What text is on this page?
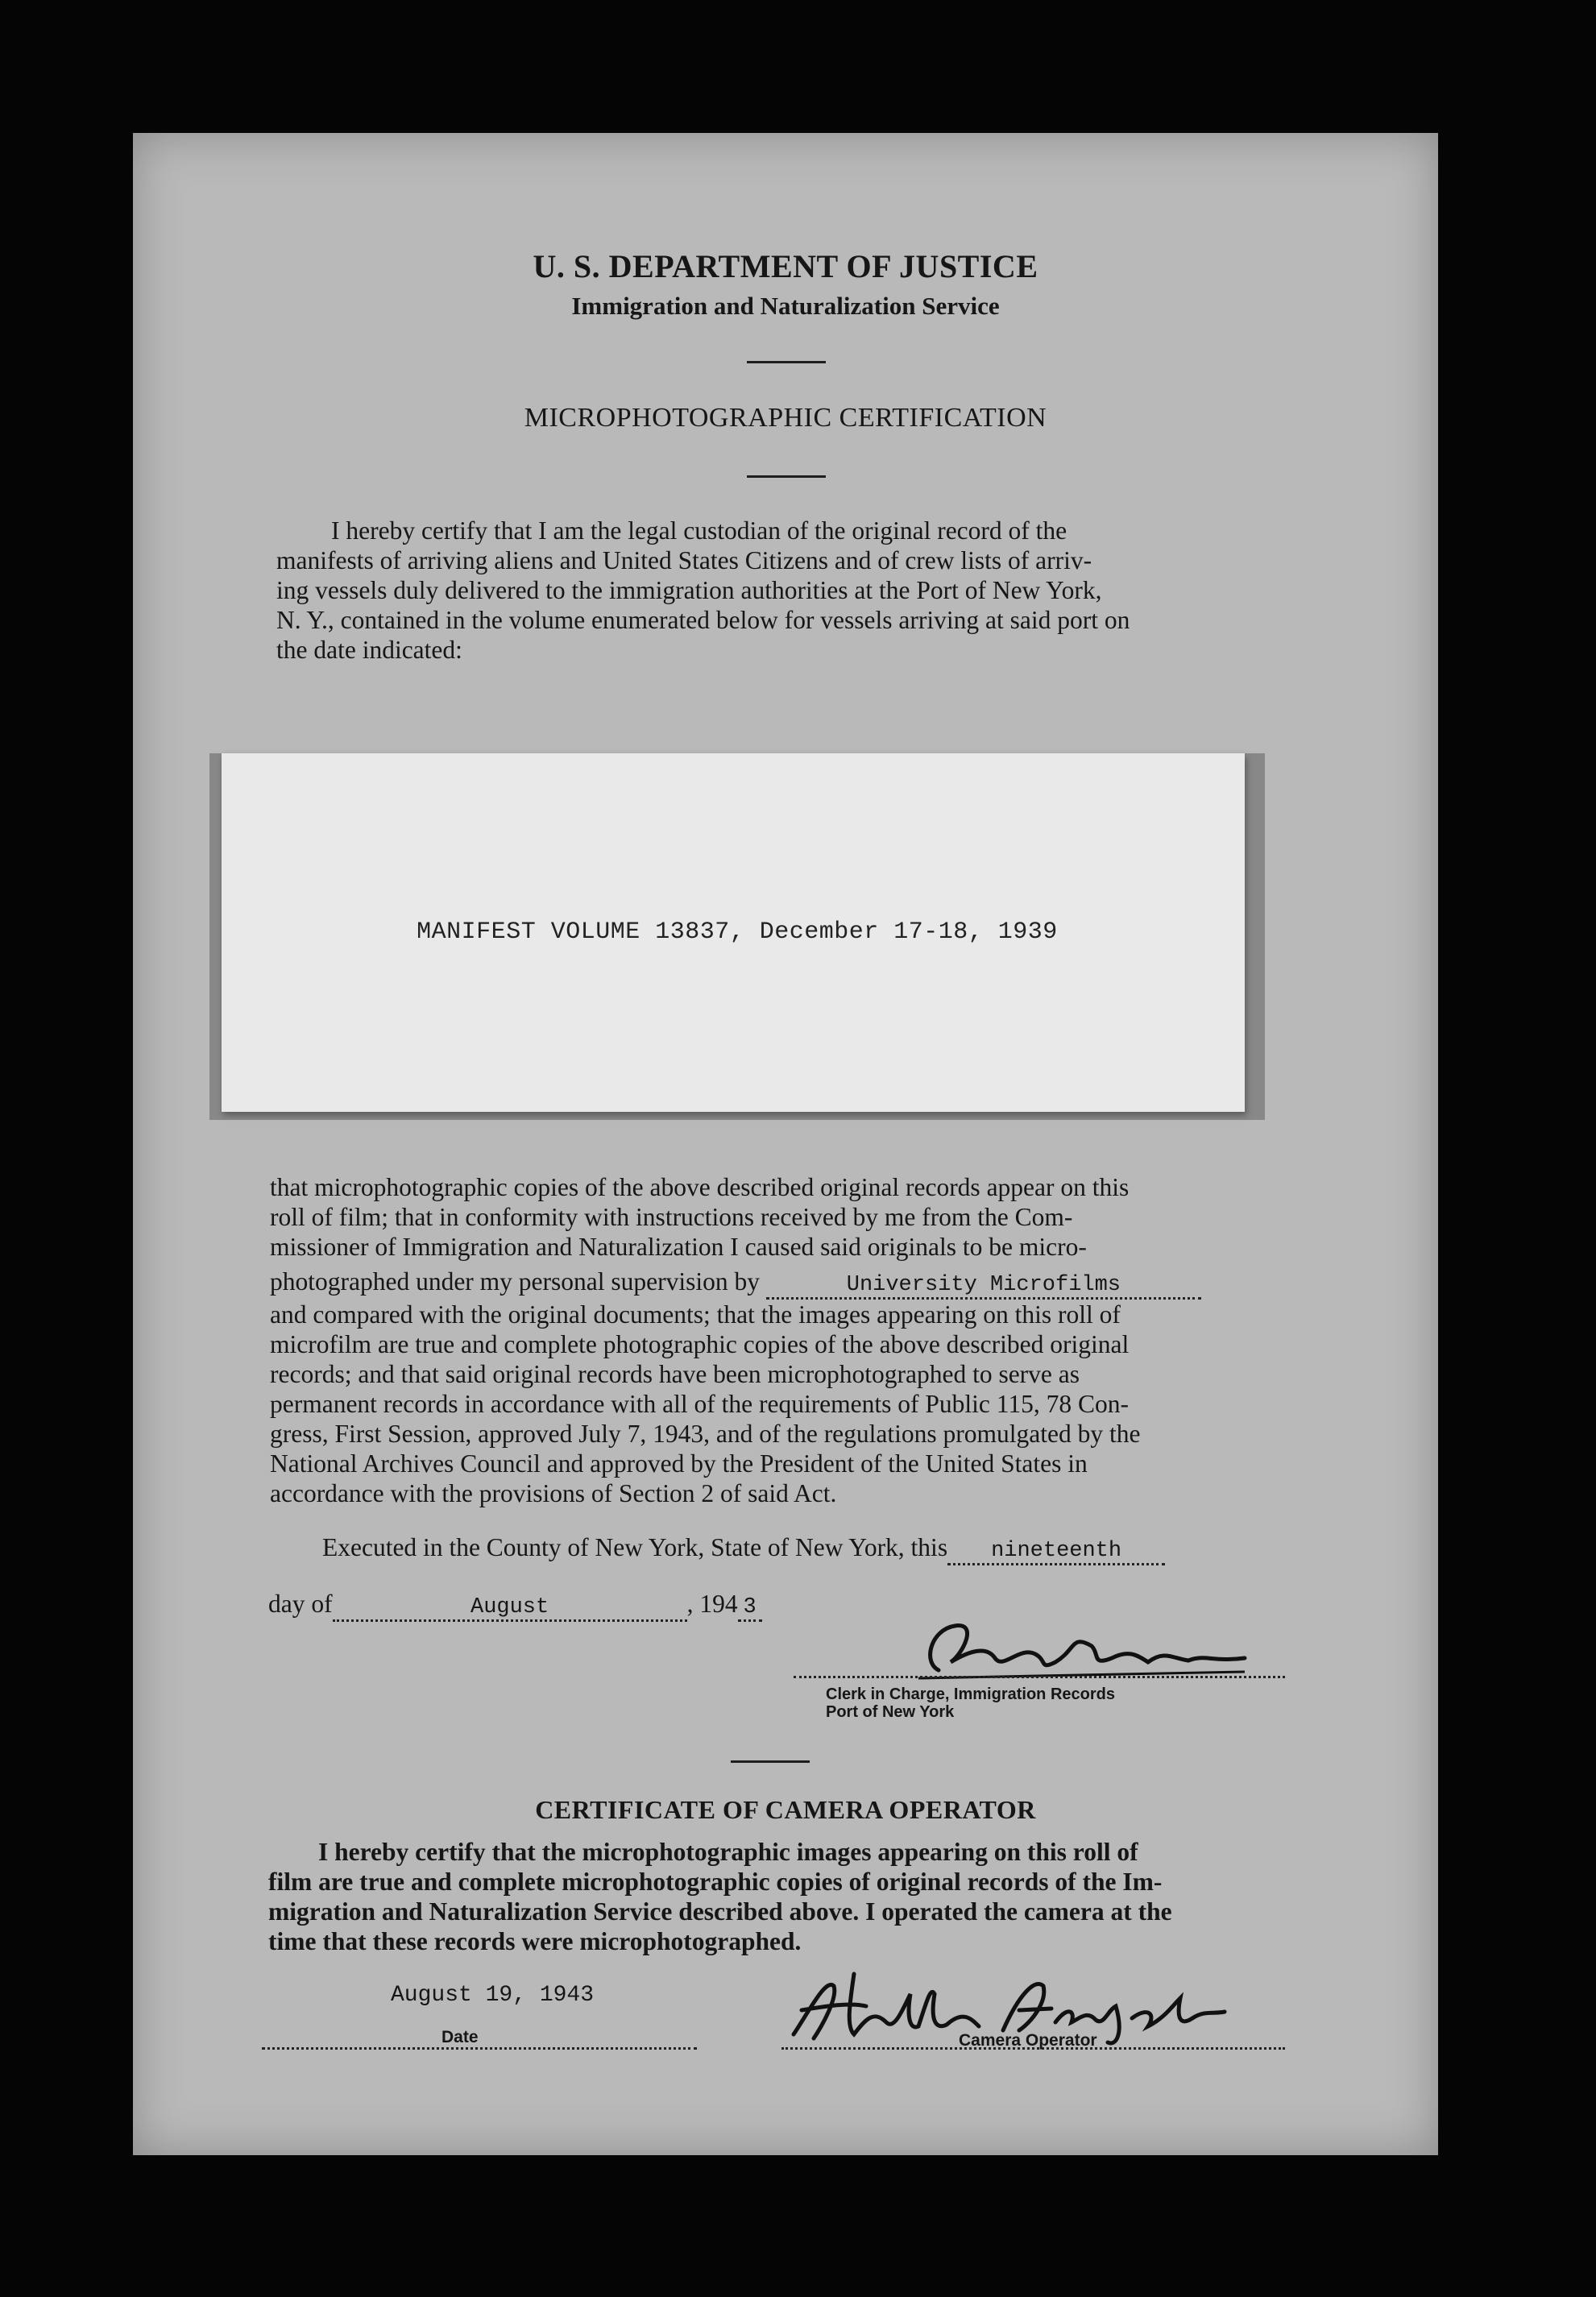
U. S. DEPARTMENT OF JUSTICE
Immigration and Naturalization Service
MICROPHOTOGRAPHIC CERTIFICATION
I hereby certify that I am the legal custodian of the original record of the
manifests of arriving aliens and United States Citizens and of crew lists of arriv-
ing vessels duly delivered to the immigration authorities at the Port of New York,
N. Y., contained in the volume enumerated below for vessels arriving at said port on
the date indicated:
MANIFEST VOLUME 13837, December 17-18, 1939
that microphotographic copies of the above described original records appear on this
roll of film; that in conformity with instructions received by me from the Com-
missioner of Immigration and Naturalization I caused said originals to be micro-
photographed under my personal supervision by	University Microfilms
and compared with the original documents; that the images appearing on this roll of
microfilm are true and complete photographic copies of the above described original
records; and that said original records have been microphotographed to serve as
permanent records in accordance with all of the requirements of Public 115, 78 Con-
gress, First Session, approved July 7, 1943, and of the regulations promulgated by the
National Archives Council and approved by the President of the United States in
accordance with the provisions of Section 2 of said Act.
Executed in the County of New York, State of New York, this nineteenth
day of	August	, 194 3
Clerk in Charge, Immigration Records
Port of New York
CERTIFICATE OF CAMERA OPERATOR
I hereby certify that the microphotographic images appearing on this roll of
film are true and complete microphotographic copies of original records of the Im-
migration and Naturalization Service described above. I operated the camera at the
time that these records were microphotographed.
August 19, 1943
Date	Camera Operator
